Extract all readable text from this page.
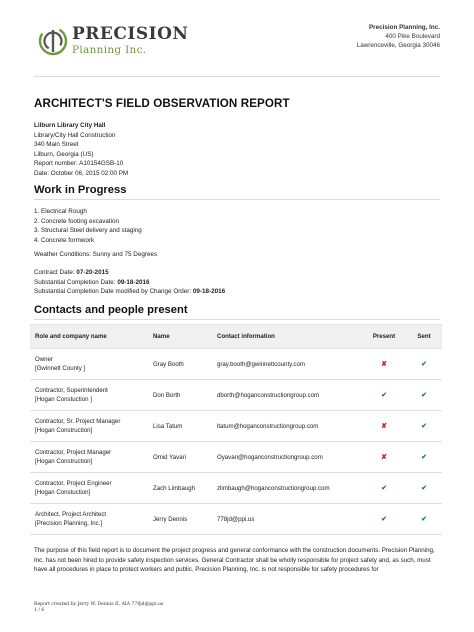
PRECISION
Planning Inc.
Precision Planning, Inc.
400 Pike Boulevard
Lawrenceville, Georgia 30046
ARCHITECT'S FIELD OBSERVATION REPORT
Lilburn Library City Hall
Library/City Hall Construction
340 Main Street
Lilburn, Georgia (US)
Report number: A10154GSB-10
Date: October 06, 2015 02:00 PM
Work in Progress
1. Electrical Rough
2. Concrete footing excavation
3. Structural Steel delivery and staging
4. Concrete formwork
Weather Conditions: Sunny and 75 Degrees
Contract Date: 07-20-2015
Substantial Completion Date: 09-18-2016
Substantial Completion Date modified by Change Order: 09-18-2016
Contacts and people present
Role and company name	Name	Contact information	Present	Sent

Owner
[Gwinnett County ]	Gray Booth	gray.booth@gwinnettcounty.com	✘	✔

Contractor, Superintendent
[Hogan Constuction ]	Don Borth	dborth@hoganconstructiongroup.com	✔	✔

Contractor, Sr. Project Manager
[Hogan Construction]	Lisa Tatum	ltatum@hoganconstructiongroup.com	✘	✔

Contractor, Project Manager
[Hogan Construction]	Omid Yavari	Oyavari@hoganconstructiongroup.com	✘	✔

Contractor, Project Engineer
[Hogan Constuction]	Zach Limbaugh	zlimbaugh@hoganconstructiongroup.com	✔	✔

Architect, Project Architect
[Precision Planning, Inc.]	Jerry Dennis	778jd@ppi.us	✔	✔

The purpose of this field report is to document the project progress and general conformance with the construction documents. Precision Planning, Inc. has not been hired to provide safety inspection services. General Contractor shall be wholly responsible for project safety and, as such, must have all procedures in place to protect workers and public. Precision Planning, Inc. is not responsible for safety procedures for

Report created by Jerry W. Dennis II, AIA 778jd@ppi.us
1 / 6
